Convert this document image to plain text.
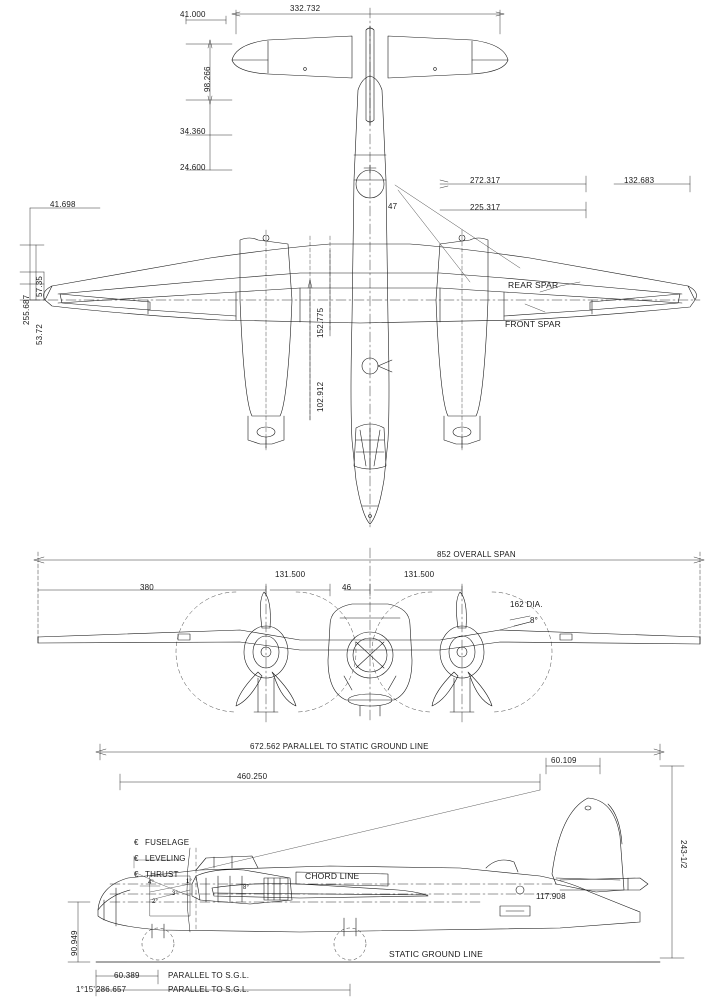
332.732
41.000
98.266
34.360
24.600
41.698
255.687
57.35
53.72
272.317
225.317
132.683
47
152.775
102.912
REAR SPAR
FRONT SPAR
852 OVERALL SPAN
380
131.500	131.500
46
162 DIA.
8°
672.562 PARALLEL TO STATIC GROUND LINE
460.250
60.109
243-1/2
90.949
117.908
60.389
286.657
1°15'
FUSELAGE
LEVELING
THRUST
€
€
€	CHORD LINE
STATIC GROUND LINE
PARALLEL TO S.G.L.
PARALLEL TO S.G.L.
8°
4°	1°
2°
3°
